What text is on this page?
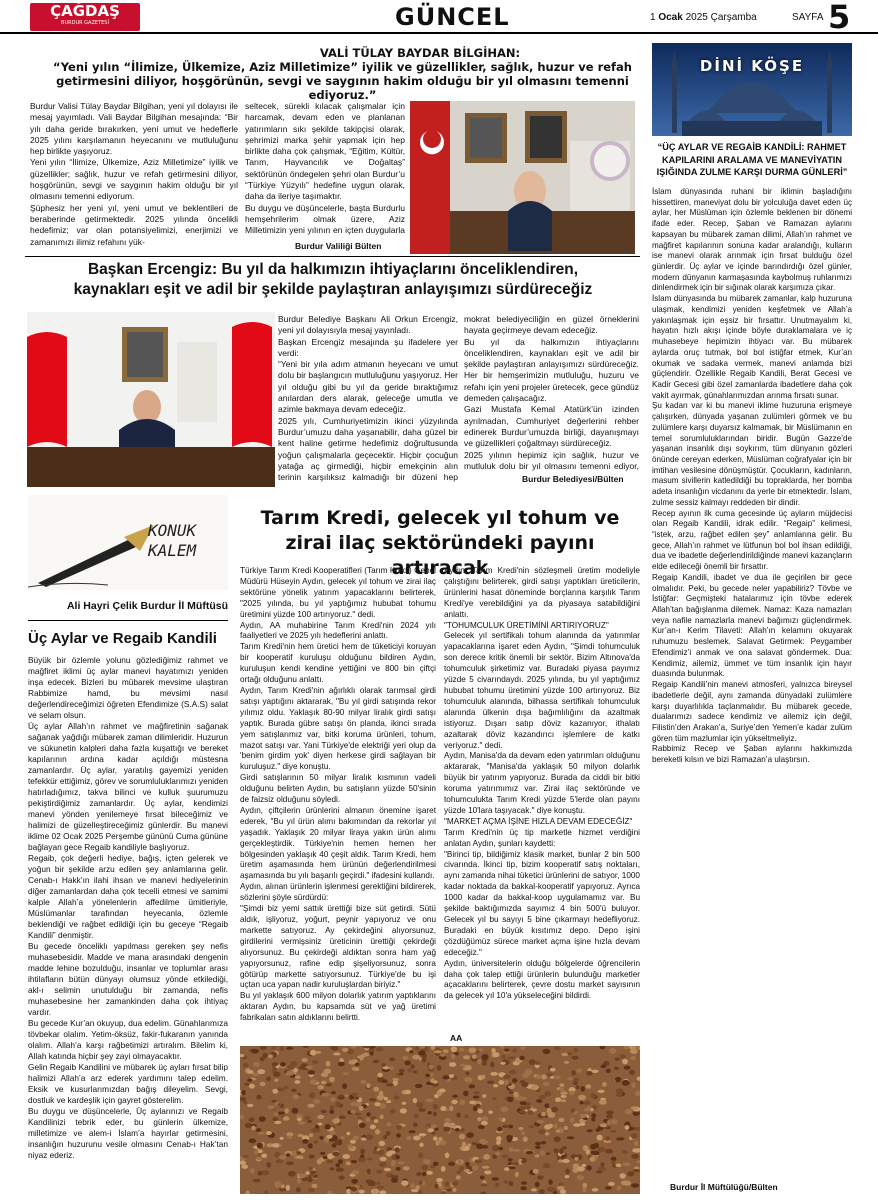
ÇAĞDAŞ
BURDUR GAZETESİ	GÜNCEL	1 Ocak 2025 Çarşamba	SAYFA 5
VALİ TÜLAY BAYDAR BİLGİHAN:
“Yeni yılın “İlimize, Ülkemize, Aziz Milletimize” iyilik ve güzellikler, sağlık, huzur ve refah getirmesini diliyor, hoşgörünün, sevgi ve saygının hakim olduğu bir yıl olmasını temenni ediyoruz.”
Burdur Valisi Tülay Baydar Bilgihan, yeni yıl dolayısı ile mesaj yayımladı. Vali Baydar Bilgihan mesajında: “Bir yılı daha geride bırakırken, yeni umut ve hedeflerle 2025 yılını karşılamanın heyecanını ve mutluluğunu hep birlikte yaşıyoruz.
Yeni yılın “İlimize, Ülkemize, Aziz Milletimize” iyilik ve güzellikler; sağlık, huzur ve refah getirmesini diliyor, hoşgörünün, sevgi ve saygının hakim olduğu bir yıl olmasını temenni ediyorum.
Şüphesiz her yeni yıl, yeni umut ve beklentileri de beraberinde getirmektedir. 2025 yılında öncelikli hedefimiz; var olan potansiyelimizi, enerjimizi ve zamanımızı ilimiz refahını yük-
seltecek, sürekli kılacak çalışmalar için harcamak, devam eden ve planlanan yatırımların sıkı şekilde takipçisi olarak, şehrimizi marka şehir yapmak için hep birlikte daha çok çalışmak, “Eğitim, Kültür, Tarım, Hayvancılık ve Doğaltaş” sektörünün öndegelen şehri olan Burdur’u “Türkiye Yüzyılı” hedefine uygun olarak, daha da ileriye taşımaktır.
Bu duygu ve düşüncelerle, başta Burdurlu hemşehrilerim olmak üzere, Aziz Milletimizin yeni yılının en içten duygularla
Burdur Valiliği Bülten
Başkan Ercengiz: Bu yıl da halkımızın ihtiyaçlarını önceliklendiren,
kaynakları eşit ve adil bir şekilde paylaştıran anlayışımızı sürdüreceğiz
Burdur Belediye Başkanı Ali Orkun Ercengiz, yeni yıl dolayısıyla mesaj yayınladı.
Başkan Ercengiz mesajında şu ifadelere yer verdi:
“Yeni bir yıla adım atmanın heyecanı ve umut dolu bir başlangıcın mutluluğunu yaşıyoruz. Her yıl olduğu gibi bu yıl da geride bıraktığımız anılardan ders alarak, geleceğe umutla ve azimle bakmaya devam edeceğiz.
2025 yılı, Cumhuriyetimizin ikinci yüzyılında Burdur’umuzu daha yaşanabilir, daha güzel bir kent haline getirme hedefimiz doğrultusunda yoğun çalışmalarla geçecektir. Hiçbir çocuğun yatağa aç girmediği, hiçbir emekçinin alın terinin karşılıksız kalmadığı bir düzeni hep
mokrat belediyeciliğin en güzel örneklerini hayata geçirmeye devam edeceğiz.
Bu yıl da halkımızın ihtiyaçlarını önceliklendiren, kaynakları eşit ve adil bir şekilde paylaştıran anlayışımızı sürdüreceğiz. Her bir hemşerimizin mutluluğu, huzuru ve refahı için yeni projeler üretecek, gece gündüz demeden çalışacağız.
Gazi Mustafa Kemal Atatürk’ün izinden ayrılmadan, Cumhuriyet değerlerini rehber edinerek Burdur’umuzda birliği, dayanışmayı ve güzellikleri çoğaltmayı sürdüreceğiz.
2025 yılının hepimiz için sağlık, huzur ve mutluluk dolu bir yıl olmasını temenni ediyor,
Burdur Belediyesi/Bülten
KONUK
KALEM
Ali Hayri Çelik Burdur İl Müftüsü
Üç Aylar ve Regaib Kandili
Büyük bir özlemle yolunu gözlediğimiz rahmet ve mağfiret iklimi üç aylar manevi hayatımızı yeniden inşa edecek. Bizleri bu mübarek mevsime ulaştıran Rabbimize hamd, bu mevsimi nasıl değerlendireceğimizi öğreten Efendimize (S.A.S) salat ve selam olsun.
Üç aylar Allah’ın rahmet ve mağfiretinin sağanak sağanak yağdığı mübarek zaman dilimleridir. Huzurun ve sükunetin kalpleri daha fazla kuşattığı ve bereket kapılarının ardına kadar açıldığı müstesna zamanlardır. Üç aylar, yaratılış gayemizi yeniden tefekkür ettiğimiz, görev ve sorumluluklarımızı yeniden hatırladığımız, takva bilinci ve kulluk şuurumuzu pekiştirdiğimiz zamanlardır. Üç aylar, kendimizi manevi yönden yenilemeye fırsat bileceğimiz ve halimizi de güzelleştireceğimiz günlerdir. Bu manevi iklime 02 Ocak 2025 Perşembe gününü Cuma gününe bağlayan gece Regaib kandiliyle başlıyoruz.
Regaib, çok değerli hediye, bağış, içten gelerek ve yoğun bir şekilde arzu edilen şey anlamlarına gelir. Cenab-ı Hakk’ın ilahi ihsan ve manevi hediyelerinin diğer zamanlardan daha çok tecelli etmesi ve samimi kalple Allah’a yönelenlerin affedilme ümitleriyle, Müslümanlar tarafından heyecanla, özlemle beklendiği ve rağbet edildiği için bu geceye “Regaib Kandili” denmiştir.
Bu gecede önceliklı yapılması gereken şey nefis muhasebesidir. Madde ve mana arasındaki dengenin madde lehine bozulduğu, insanlar ve toplumlar arası ihtilafların bütün dünyayı olumsuz yönde etkilediği, akl-ı selimin unutulduğu bir zamanda, nefis muhasebesine her zamankinden daha çok ihtiyaç vardır.
Bu gecede Kur’an okuyup, dua edelim. Günahlarımıza tövbekar olalım. Yetim-öksüz, fakir-fukaranın yanında olalım. Allah’a karşı rağbetimizi artıralım. Bilelim ki, Allah katında hiçbir şey zayi olmayacaktır.
Gelin Regaib Kandilini ve mübarek üç ayları fırsat bilip halimizi Allah’a arz ederek yardımını talep edelim. Eksik ve kusurlarımızdan bağış dileyelim. Sevgi, dostluk ve kardeşlik için gayret gösterelim.
Bu duygu ve düşüncelerle, Üç aylarınızı ve Regaib Kandilinizi tebrik eder, bu günlerin ülkemize, milletimize ve alem-i İslam’a hayırlar getirmesini, insanlığın huzurunu vesile olmasını Cenab-ı Hak’tan niyaz ederiz.
Tarım Kredi, gelecek yıl tohum ve
zirai ilaç sektöründeki payını artıracak
Türkiye Tarım Kredi Kooperatifleri (Tarım Kredi) Genel Müdürü Hüseyin Aydın, gelecek yıl tohum ve zirai ilaç sektörüne yönelik yatırım yapacaklarını belirterek, "2025 yılında, bu yıl yaptığımız hububat tohumu üretimini yüzde 100 artırıyoruz." dedi.
Aydın, AA muhabirine Tarım Kredi'nin 2024 yılı faaliyetleri ve 2025 yılı hedeflerini anlattı.
Tarım Kredi'nin hem üretici hem de tüketiciyi koruyan bir kooperatif kuruluşu olduğunu bildiren Aydın, kuruluşun kendi kendine yettiğini ve 800 bin çiftçi ortağı olduğunu anlattı.
Aydın, Tarım Kredi'nin ağırlıklı olarak tarımsal girdi satışı yaptığını aktararak, "Bu yıl girdi satışında rekor yılımız oldu. Yaklaşık 80-90 milyar liralık girdi satışı yaptık. Burada gübre satışı ön planda, ikinci sırada yem satışlarımız var, bitki koruma ürünleri, tohum, mazot satışı var. Yani Türkiye'de elektriği yeri olup da 'benim girdim yok' diyen herkese girdi sağlayan bir kuruluşuz." diye konuştu.
Girdi satışlarının 50 milyar liralık kısmının vadeli olduğunu belirten Aydın, bu satışların yüzde 50'sinin de faizsiz olduğunu söyledi.
Aydın, çiftçilerin ürünlerini almanın önemine işaret ederek, "Bu yıl ürün alımı bakımından da rekorlar yıl yaşadık. Yaklaşık 20 milyar liraya yakın ürün alımı gerçekleştirdik. Türkiye'nin hemen hemen her bölgesinden yaklaşık 40 çeşit aldık. Tarım Kredi, hem üretim aşamasında hem ürünün değerlendirilmesi aşamasında bu yılı başarılı geçirdi." ifadesini kullandı.
Aydın, alınan ürünlerin işlenmesi gerektiğini bildirerek, sözlerini şöyle sürdürdü:
"Şimdi biz yemi sattık ürettiği bize süt getirdi. Sütü aldık, işliyoruz, yoğurt, peynir yapıyoruz ve onu markette satıyoruz. Ay çekirdeğini alıyorsunuz, girdilerini vermişsiniz üreticinin ürettiği çekirdeği alıyorsunuz. Bu çekirdeği aldıktan sonra ham yağ yapıyorsunuz, rafine edip şişeliyorsunuz, sonra götürüp markette satıyorsunuz. Türkiye'de bu işi uçtan uca yapan nadir kuruluşlardan biriyiz."
Bu yıl yaklaşık 600 milyon dolarlık yatırım yaptıklarını aktaran Aydın, bu kapsamda süt ve yağ üretimi fabrikaları satın aldıklarını belirtti.
Aydın, Tarım Kredi'nin sözleşmeli üretim modeliyle çalıştığını belirterek, girdi satışı yaptıkları üreticilerin, ürünlerini hasat döneminde borçlarına karşılık Tarım Kredi'ye verebildiğini ya da piyasaya satabildiğini anlattı.
"TOHUMCULUK ÜRETİMİNİ ARTIRIYORUZ"
Gelecek yıl sertifikalı tohum alanında da yatırımlar yapacaklarına işaret eden Aydın, "Şimdi tohumculuk son derece kritik önemli bir sektör. Bizim Altınova'da tohumculuk şirketimiz var. Buradaki piyasa payımız yüzde 5 civarındaydı. 2025 yılında, bu yıl yaptığımız hububat tohumu üretimini yüzde 100 artırıyoruz. Biz tohumculuk alanında, bilhassa sertifikalı tohumculuk alanında ülkenin dışa bağımlılığını da azaltmak istiyoruz. Dışarı satıp döviz kazanıyor, ithalatı azaltarak döviz kazandırıcı işlemlere de katkı veriyoruz." dedi.
Aydın, Manisa'da da devam eden yatırımları olduğunu aktararak, "Manisa'da yaklaşık 50 milyon dolarlık büyük bir yatırım yapıyoruz. Burada da ciddi bir bitki koruma yatırımımız var. Zirai ilaç sektöründe ve tohumculukta Tarım Kredi yüzde 5'lerde olan payını yüzde 10'lara taşıyacak." diye konuştu.
"MARKET AÇMA İŞİNE HIZLA DEVAM EDECEĞİZ"
Tarım Kredi'nin üç tip marketle hizmet verdiğini anlatan Aydın, şunları kaydetti:
"Birinci tip, bildiğimiz klasik market, bunlar 2 bin 500 civarında. İkinci tip, bizim kooperatif satış noktaları, aynı zamanda nihai tüketici ürünlerini de satıyor, 1000 kadar noktada da bakkal-kooperatif yapıyoruz. Ayrıca 1000 kadar da bakkal-koop uygulamamız var. Bu şekilde baktığımızda sayımız 4 bin 500'ü buluyor. Gelecek yıl bu sayıyı 5 bine çıkarmayı hedefliyoruz. Buradaki en büyük kısıtımız depo. Depo işini çözdüğümüz sürece market açma işine hızla devam edeceğiz."
Aydın, üniversitelerin olduğu bölgelerde öğrencilerin daha çok talep ettiği ürünlerin bulunduğu marketler açacaklarını belirterek, çevre dostu market sayısının da gelecek yıl 10'a yükseleceğini bildirdi.
AA
DİNİ KÖŞE
“ÜÇ AYLAR VE REGAİB KANDİLİ: RAHMET KAPILARINI ARALAMA VE MANEVİYATIN IŞIĞINDA ZULME KARŞI DURMA GÜNLERİ”
İslam dünyasında ruhani bir iklimin başladığını hissettiren, maneviyat dolu bir yolculuğa davet eden üç aylar, her Müslüman için özlemle beklenen bir dönemi ifade eder. Recep, Şaban ve Ramazan aylarını kapsayan bu mübarek zaman dilimi, Allah’ın rahmet ve mağfiret kapılarının sonuna kadar aralandığı, kulların ise manevi olarak arınmak için fırsat bulduğu özel günlerdir. Üç aylar ve içinde barındırdığı özel günler, modern dünyanın karmaşasında kaybolmuş ruhlarımızı dinlendirmek için bir sığınak olarak karşımıza çıkar.
İslam dünyasında bu mübarek zamanlar, kalp huzuruna ulaşmak, kendimizi yeniden keşfetmek ve Allah’a yakınlaşmak için eşsiz bir fırsattır. Unutmayalım ki, hayatın hızlı akışı içinde böyle duraklamalara ve iç muhasebeye hepimizin ihtiyacı var. Bu mübarek aylarda oruç tutmak, bol bol istiğfar etmek, Kur’an okumak ve sadaka vermek, manevi anlamda bizi güçlendirir. Özellikle Regaib Kandili, Berat Gecesi ve Kadir Gecesi gibi özel zamanlarda ibadetlere daha çok vakit ayırmak, günahlarımızdan arınma fırsatı sunar.
Şu kadarı var ki bu manevi iklime huzuruna erişmeye çalışırken, dünyada yaşanan zulümleri görmek ve bu zulümlere karşı duyarsız kalmamak, bir Müslümanın en temel sorumluluklarından biridir. Bugün Gazze’de yaşanan insanlık dışı soykırım, tüm dünyanın gözleri önünde cereyan ederken, Müslüman coğrafyalar için bir imtihan vesilesine dönüşmüştür. Çocukların, kadınların, masum sivillerin katledildiği bu topraklarda, her bomba adeta insanlığın vicdanını da yerle bir etmektedir. İslam, zulme sessiz kalmayı reddeden bir dindir.
Recep ayının ilk cuma gecesinde üç ayların müjdecisi olan Regaib Kandili, idrak edilir. “Regaip” kelimesi, “istek, arzu, rağbet edilen şey” anlamlarına gelir. Bu gece, Allah’ın rahmet ve lütfunun bol bol ihsan edildiği, dua ve ibadetle değerlendirildiğinde manevi kazançların elde edileceği önemli bir fırsattır.
Regaip Kandili, ibadet ve dua ile geçirilen bir gece olmalıdır. Peki, bu gecede neler yapabiliriz? Tövbe ve İstiğfar: Geçmişteki hatalarımız için tövbe ederek Allah’tan bağışlanma dilemek. Namaz: Kaza namazları veya nafile namazlarla manevi bağımızı güçlendirmek. Kur’an-ı Kerim Tilaveti: Allah’ın kelamını okuyarak ruhumuzu beslemek. Salavat Getirmek: Peygamber Efendimiz’i anmak ve ona salavat göndermek. Dua: Kendimiz, ailemiz, ümmet ve tüm insanlık için hayır duasında bulunmak.
Regaip Kandili’nin manevi atmosferi, yalnızca bireysel ibadetlerle değil, aynı zamanda dünyadaki zulümlere karşı duyarlılıkla taçlanmalıdır. Bu mübarek gecede, dualarımızı sadece kendimiz ve ailemiz için değil, Filistin’den Arakan’a, Suriye’den Yemen’e kadar zulüm gören tüm mazlumlar için yükseltmeliyiz.
Rabbimiz Recep ve Şaban aylarını hakkımızda bereketli kılsın ve bizi Ramazan’a ulaştırsın.
Burdur İl Müftülüğü/Bülten
